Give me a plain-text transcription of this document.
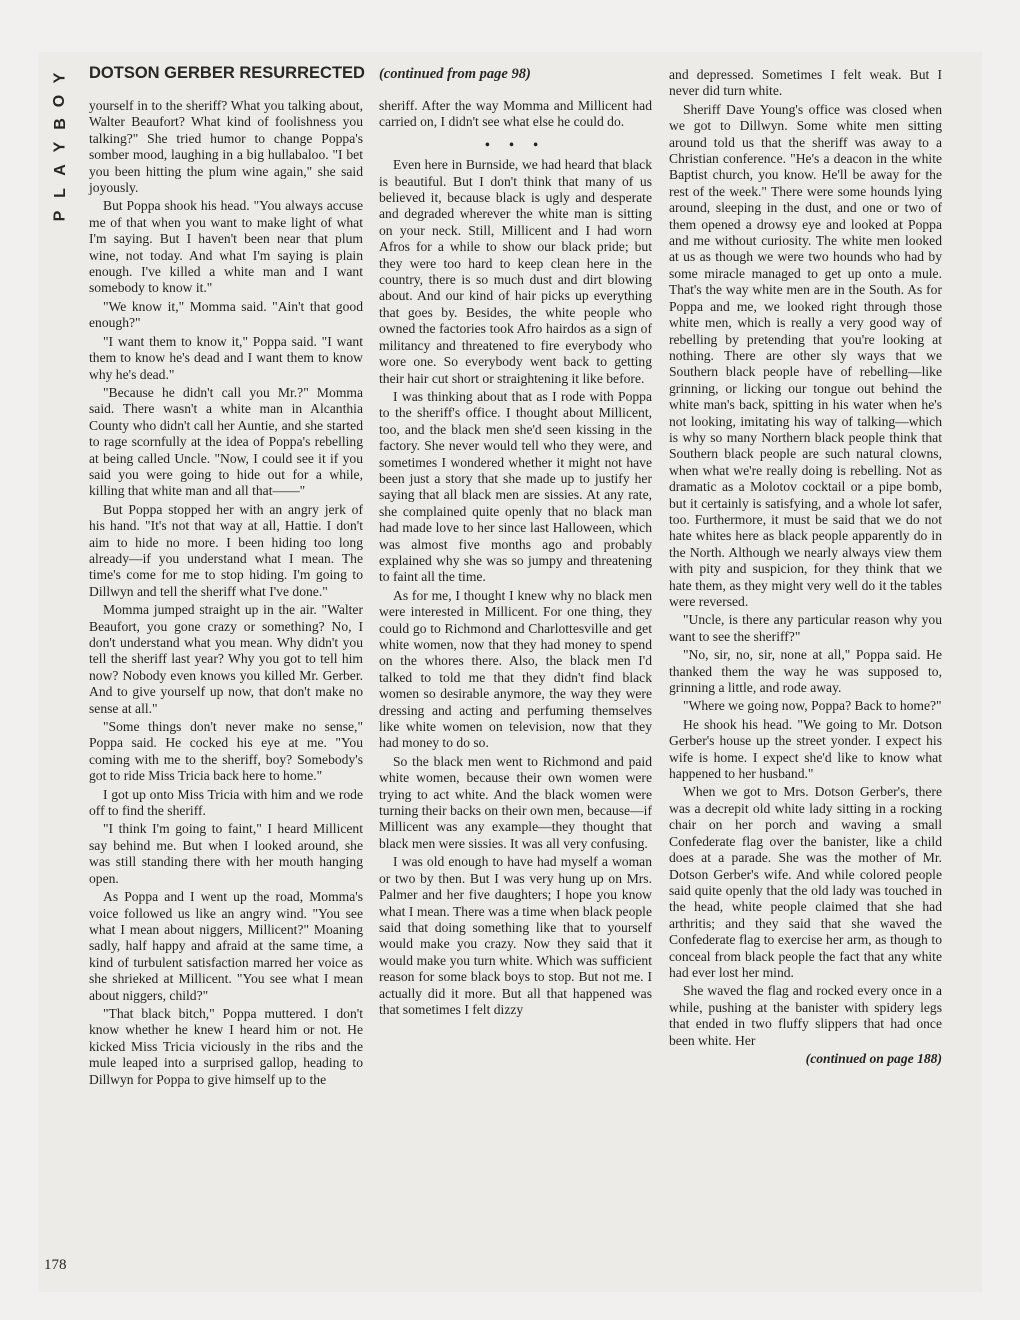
Y
O
B
Y
A
L
P
DOTSON GERBER RESURRECTED (continued from page 98)

yourself in to the sheriff? What you talking about, Walter Beaufort? What kind of foolishness you talking?" She tried humor to change Poppa's somber mood, laughing in a big hullabaloo. "I bet you been hitting the plum wine again," she said joyously.

But Poppa shook his head. "You always accuse me of that when you want to make light of what I'm saying. But I haven't been near that plum wine, not today. And what I'm saying is plain enough. I've killed a white man and I want somebody to know it."

"We know it," Momma said. "Ain't that good enough?"

"I want them to know it," Poppa said. "I want them to know he's dead and I want them to know why he's dead."

"Because he didn't call you Mr.?" Momma said. There wasn't a white man in Alcanthia County who didn't call her Auntie, and she started to rage scornfully at the idea of Poppa's rebelling at being called Uncle. "Now, I could see it if you said you were going to hide out for a while, killing that white man and all that——"

But Poppa stopped her with an angry jerk of his hand. "It's not that way at all, Hattie. I don't aim to hide no more. I been hiding too long already—if you understand what I mean. The time's come for me to stop hiding. I'm going to Dillwyn and tell the sheriff what I've done."

Momma jumped straight up in the air. "Walter Beaufort, you gone crazy or something? No, I don't understand what you mean. Why didn't you tell the sheriff last year? Why you got to tell him now? Nobody even knows you killed Mr. Gerber. And to give yourself up now, that don't make no sense at all."

"Some things don't never make no sense," Poppa said. He cocked his eye at me. "You coming with me to the sheriff, boy? Somebody's got to ride Miss Tricia back here to home."

I got up onto Miss Tricia with him and we rode off to find the sheriff.

"I think I'm going to faint," I heard Millicent say behind me. But when I looked around, she was still standing there with her mouth hanging open.

As Poppa and I went up the road, Momma's voice followed us like an angry wind. "You see what I mean about niggers, Millicent?" Moaning sadly, half happy and afraid at the same time, a kind of turbulent satisfaction marred her voice as she shrieked at Millicent. "You see what I mean about niggers, child?"

"That black bitch," Poppa muttered. I don't know whether he knew I heard him or not. He kicked Miss Tricia viciously in the ribs and the mule leaped into a surprised gallop, heading to Dillwyn for Poppa to give himself up to the

sheriff. After the way Momma and Millicent had carried on, I didn't see what else he could do.

• • •

Even here in Burnside, we had heard that black is beautiful. But I don't think that many of us believed it, because black is ugly and desperate and degraded wherever the white man is sitting on your neck. Still, Millicent and I had worn Afros for a while to show our black pride; but they were too hard to keep clean here in the country, there is so much dust and dirt blowing about. And our kind of hair picks up everything that goes by. Besides, the white people who owned the factories took Afro hairdos as a sign of militancy and threatened to fire everybody who wore one. So everybody went back to getting their hair cut short or straightening it like before.

I was thinking about that as I rode with Poppa to the sheriff's office. I thought about Millicent, too, and the black men she'd seen kissing in the factory. She never would tell who they were, and sometimes I wondered whether it might not have been just a story that she made up to justify her saying that all black men are sissies. At any rate, she complained quite openly that no black man had made love to her since last Halloween, which was almost five months ago and probably explained why she was so jumpy and threatening to faint all the time.

As for me, I thought I knew why no black men were interested in Millicent. For one thing, they could go to Richmond and Charlottesville and get white women, now that they had money to spend on the whores there. Also, the black men I'd talked to told me that they didn't find black women so desirable anymore, the way they were dressing and acting and perfuming themselves like white women on television, now that they had money to do so.

So the black men went to Richmond and paid white women, because their own women were trying to act white. And the black women were turning their backs on their own men, because—if Millicent was any example—they thought that black men were sissies. It was all very confusing.

I was old enough to have had myself a woman or two by then. But I was very hung up on Mrs. Palmer and her five daughters; I hope you know what I mean. There was a time when black people said that doing something like that to yourself would make you crazy. Now they said that it would make you turn white. Which was sufficient reason for some black boys to stop. But not me. I actually did it more. But all that happened was that sometimes I felt dizzy

and depressed. Sometimes I felt weak. But I never did turn white.

Sheriff Dave Young's office was closed when we got to Dillwyn. Some white men sitting around told us that the sheriff was away to a Christian conference. "He's a deacon in the white Baptist church, you know. He'll be away for the rest of the week." There were some hounds lying around, sleeping in the dust, and one or two of them opened a drowsy eye and looked at Poppa and me without curiosity. The white men looked at us as though we were two hounds who had by some miracle managed to get up onto a mule. That's the way white men are in the South. As for Poppa and me, we looked right through those white men, which is really a very good way of rebelling by pretending that you're looking at nothing. There are other sly ways that we Southern black people have of rebelling—like grinning, or licking our tongue out behind the white man's back, spitting in his water when he's not looking, imitating his way of talking—which is why so many Northern black people think that Southern black people are such natural clowns, when what we're really doing is rebelling. Not as dramatic as a Molotov cocktail or a pipe bomb, but it certainly is satisfying, and a whole lot safer, too. Furthermore, it must be said that we do not hate whites here as black people apparently do in the North. Although we nearly always view them with pity and suspicion, for they think that we hate them, as they might very well do it the tables were reversed.

"Uncle, is there any particular reason why you want to see the sheriff?"

"No, sir, no, sir, none at all," Poppa said. He thanked them the way he was supposed to, grinning a little, and rode away.

"Where we going now, Poppa? Back to home?"

He shook his head. "We going to Mr. Dotson Gerber's house up the street yonder. I expect his wife is home. I expect she'd like to know what happened to her husband."

When we got to Mrs. Dotson Gerber's, there was a decrepit old white lady sitting in a rocking chair on her porch and waving a small Confederate flag over the banister, like a child does at a parade. She was the mother of Mr. Dotson Gerber's wife. And while colored people said quite openly that the old lady was touched in the head, white people claimed that she had arthritis; and they said that she waved the Confederate flag to exercise her arm, as though to conceal from black people the fact that any white had ever lost her mind.

She waved the flag and rocked every once in a while, pushing at the banister with spidery legs that ended in two fluffy slippers that had once been white. Her

(continued on page 188)
178
